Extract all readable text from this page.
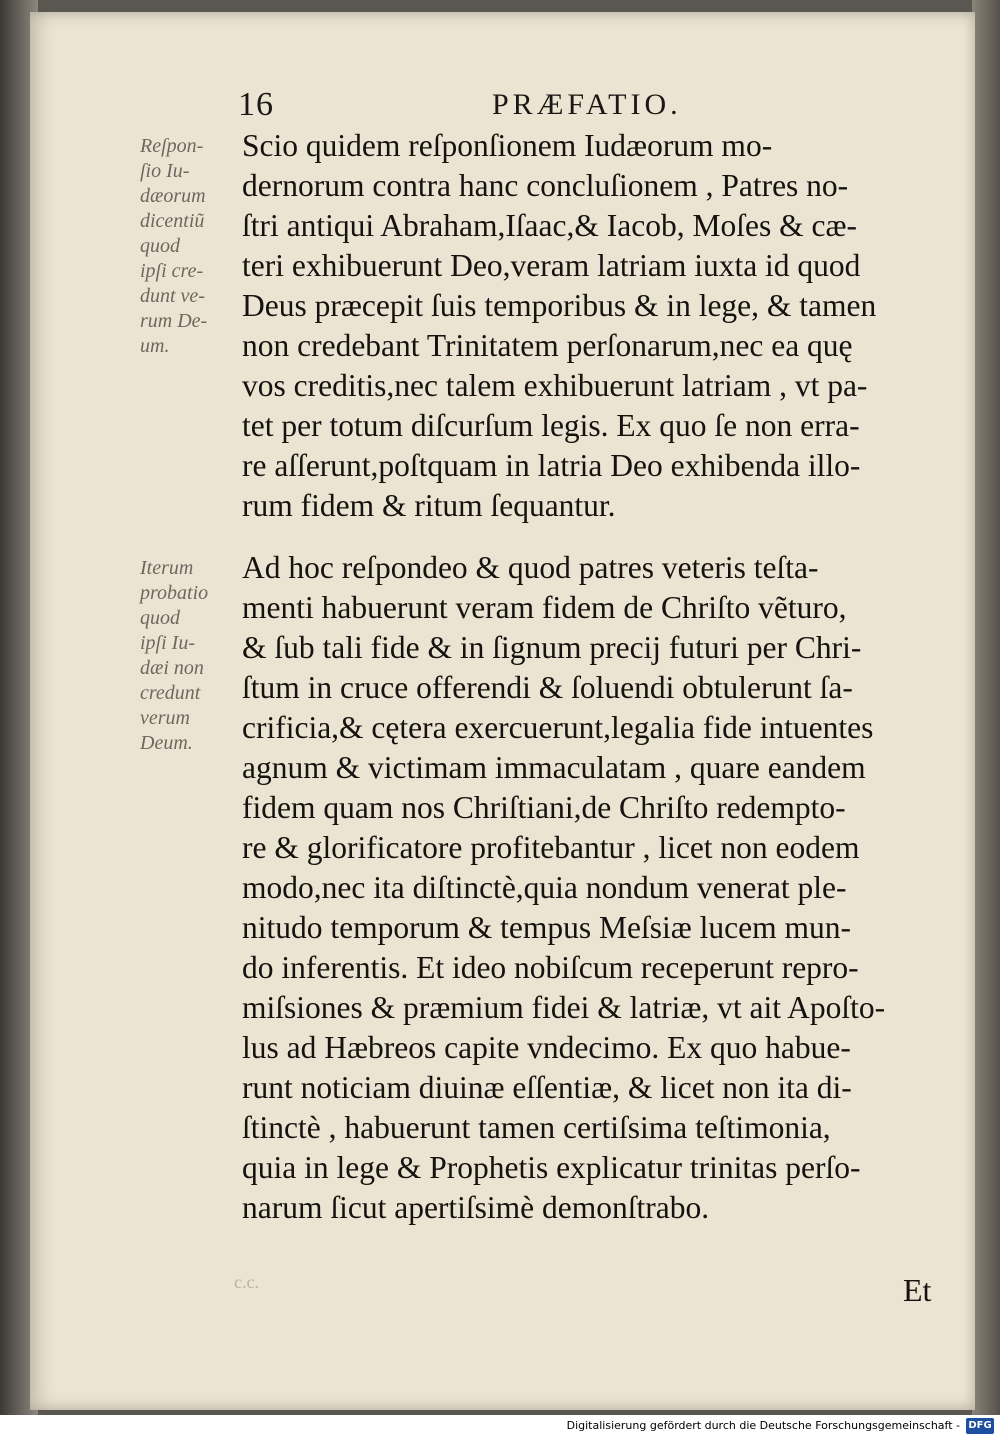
16	PRÆFATIO.
Reſpon-
ſio Iu-
dæorum
dicentiũ
quod
ipſi cre-
dunt ve-
rum De-
um.
Iterum
probatio
quod
ipſi Iu-
dæi non
credunt
verum
Deum.

Scio quidem reſponſionem Iudæorum mo-
dernorum contra hanc concluſionem , Patres no-
ſtri antiqui Abraham,Iſaac,& Iacob, Moſes & cæ-
teri exhibuerunt Deo,veram latriam iuxta id quod
Deus præcepit ſuis temporibus & in lege, & tamen
non credebant Trinitatem perſonarum,nec ea quę
vos creditis,nec talem exhibuerunt latriam , vt pa-
tet per totum diſcurſum legis. Ex quo ſe non erra-
re aſſerunt,poſtquam in latria Deo exhibenda illo-
rum fidem & ritum ſequantur.

Ad hoc reſpondeo & quod patres veteris teſta-
menti habuerunt veram fidem de Chriſto vẽturo,
& ſub tali fide & in ſignum precij futuri per Chri-
ſtum in cruce offerendi & ſoluendi obtulerunt ſa-
crificia,& cętera exercuerunt,legalia fide intuentes
agnum & victimam immaculatam , quare eandem
fidem quam nos Chriſtiani,de Chriſto redempto-
re & glorificatore profitebantur , licet non eodem
modo,nec ita diſtinctè,quia nondum venerat ple-
nitudo temporum & tempus Meſsiæ lucem mun-
do inferentis. Et ideo nobiſcum receperunt repro-
miſsiones & præmium fidei & latriæ, vt ait Apoſto-
lus ad Hæbreos capite vndecimo. Ex quo habue-
runt noticiam diuinæ eſſentiæ, & licet non ita di-
ſtinctè , habuerunt tamen certiſsima teſtimonia,
quia in lege & Prophetis explicatur trinitas perſo-
narum ſicut apertiſsimè demonſtrabo.

c.c.	Et
Digitalisierung gefördert durch die Deutsche Forschungsgemeinschaft - DFG
